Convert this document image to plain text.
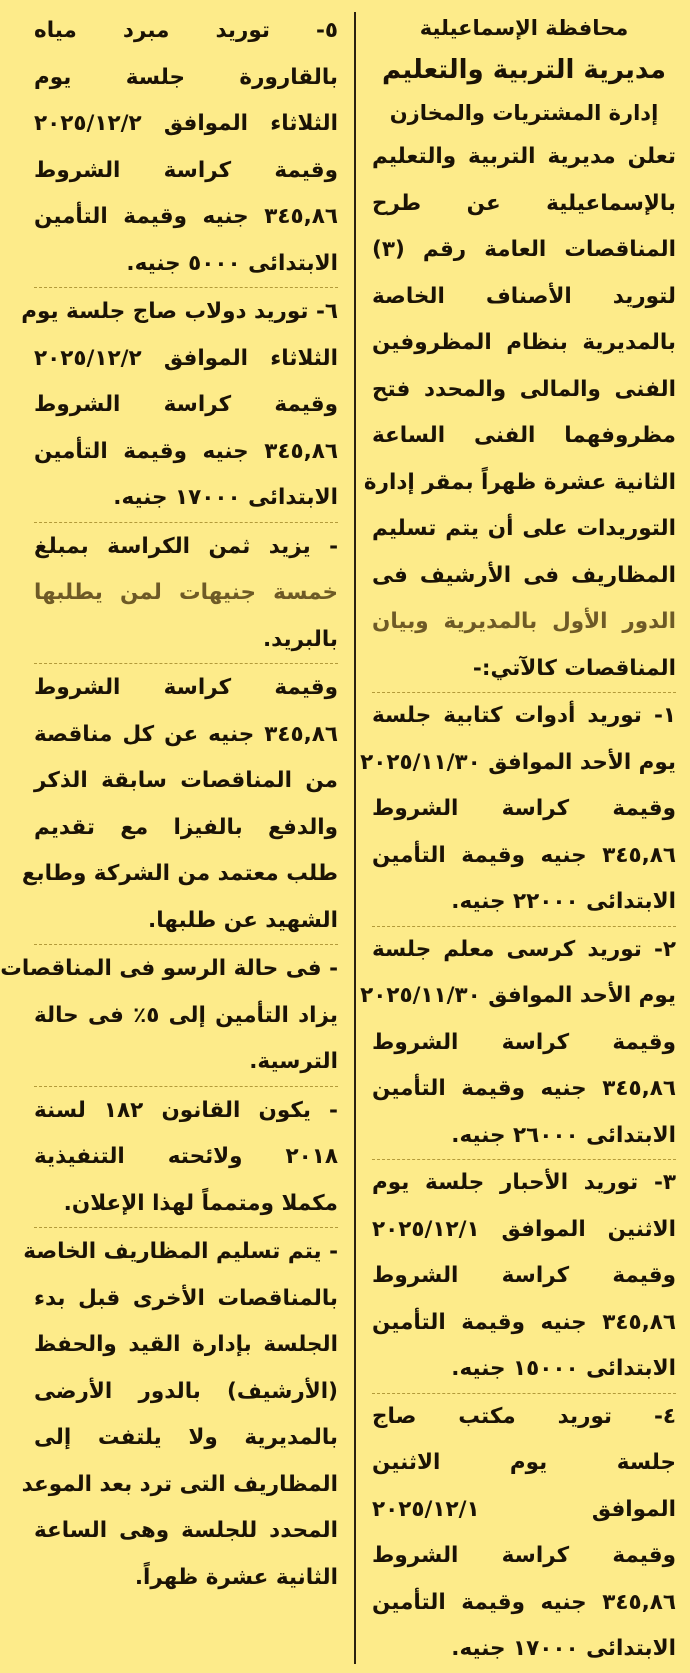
محافظة الإسماعيلية
مديرية التربية والتعليم
إدارة المشتريات والمخازن
تعلن مديرية التربية والتعليم
بالإسماعيلية عن طرح
المناقصات العامة رقم (٣)
لتوريد الأصناف الخاصة
بالمديرية بنظام المظروفين
الفنى والمالى والمحدد فتح
مظروفهما الفنى الساعة
الثانية عشرة ظهراً بمقر إدارة
التوريدات على أن يتم تسليم
المظاريف فى الأرشيف فى
الدور الأول بالمديرية وبيان
المناقصات كالآتي:-
١- توريد أدوات كتابية جلسة
يوم الأحد الموافق ٢٠٢٥/١١/٣٠
وقيمة كراسة الشروط
٣٤٥,٨٦ جنيه وقيمة التأمين
الابتدائى ٢٢٠٠٠ جنيه.
٢- توريد كرسى معلم جلسة
يوم الأحد الموافق ٢٠٢٥/١١/٣٠
وقيمة كراسة الشروط
٣٤٥,٨٦ جنيه وقيمة التأمين
الابتدائى ٢٦٠٠٠ جنيه.
٣- توريد الأحبار جلسة يوم
الاثنين الموافق ٢٠٢٥/١٢/١
وقيمة كراسة الشروط
٣٤٥,٨٦ جنيه وقيمة التأمين
الابتدائى ١٥٠٠٠ جنيه.
٤- توريد مكتب صاج
جلسة يوم الاثنين
الموافق ٢٠٢٥/١٢/١
وقيمة كراسة الشروط
٣٤٥,٨٦ جنيه وقيمة التأمين
الابتدائى ١٧٠٠٠ جنيه.
٥- توريد مبرد مياه
بالقارورة جلسة يوم
الثلاثاء الموافق ٢٠٢٥/١٢/٢
وقيمة كراسة الشروط
٣٤٥,٨٦ جنيه وقيمة التأمين
الابتدائى ٥٠٠٠ جنيه.
٦- توريد دولاب صاج جلسة يوم
الثلاثاء الموافق ٢٠٢٥/١٢/٢
وقيمة كراسة الشروط
٣٤٥,٨٦ جنيه وقيمة التأمين
الابتدائى ١٧٠٠٠ جنيه.
- يزيد ثمن الكراسة بمبلغ
خمسة جنيهات لمن يطلبها
بالبريد.
وقيمة كراسة الشروط
٣٤٥,٨٦ جنيه عن كل مناقصة
من المناقصات سابقة الذكر
والدفع بالفيزا مع تقديم
طلب معتمد من الشركة وطابع
الشهيد عن طلبها.
- فى حالة الرسو فى المناقصات
يزاد التأمين إلى ٥٪ فى حالة
الترسية.
- يكون القانون ١٨٢ لسنة
٢٠١٨ ولائحته التنفيذية
مكملا ومتمماً لهذا الإعلان.
- يتم تسليم المظاريف الخاصة
بالمناقصات الأخرى قبل بدء
الجلسة بإدارة القيد والحفظ
(الأرشيف) بالدور الأرضى
بالمديرية ولا يلتفت إلى
المظاريف التى ترد بعد الموعد
المحدد للجلسة وهى الساعة
الثانية عشرة ظهراً.
